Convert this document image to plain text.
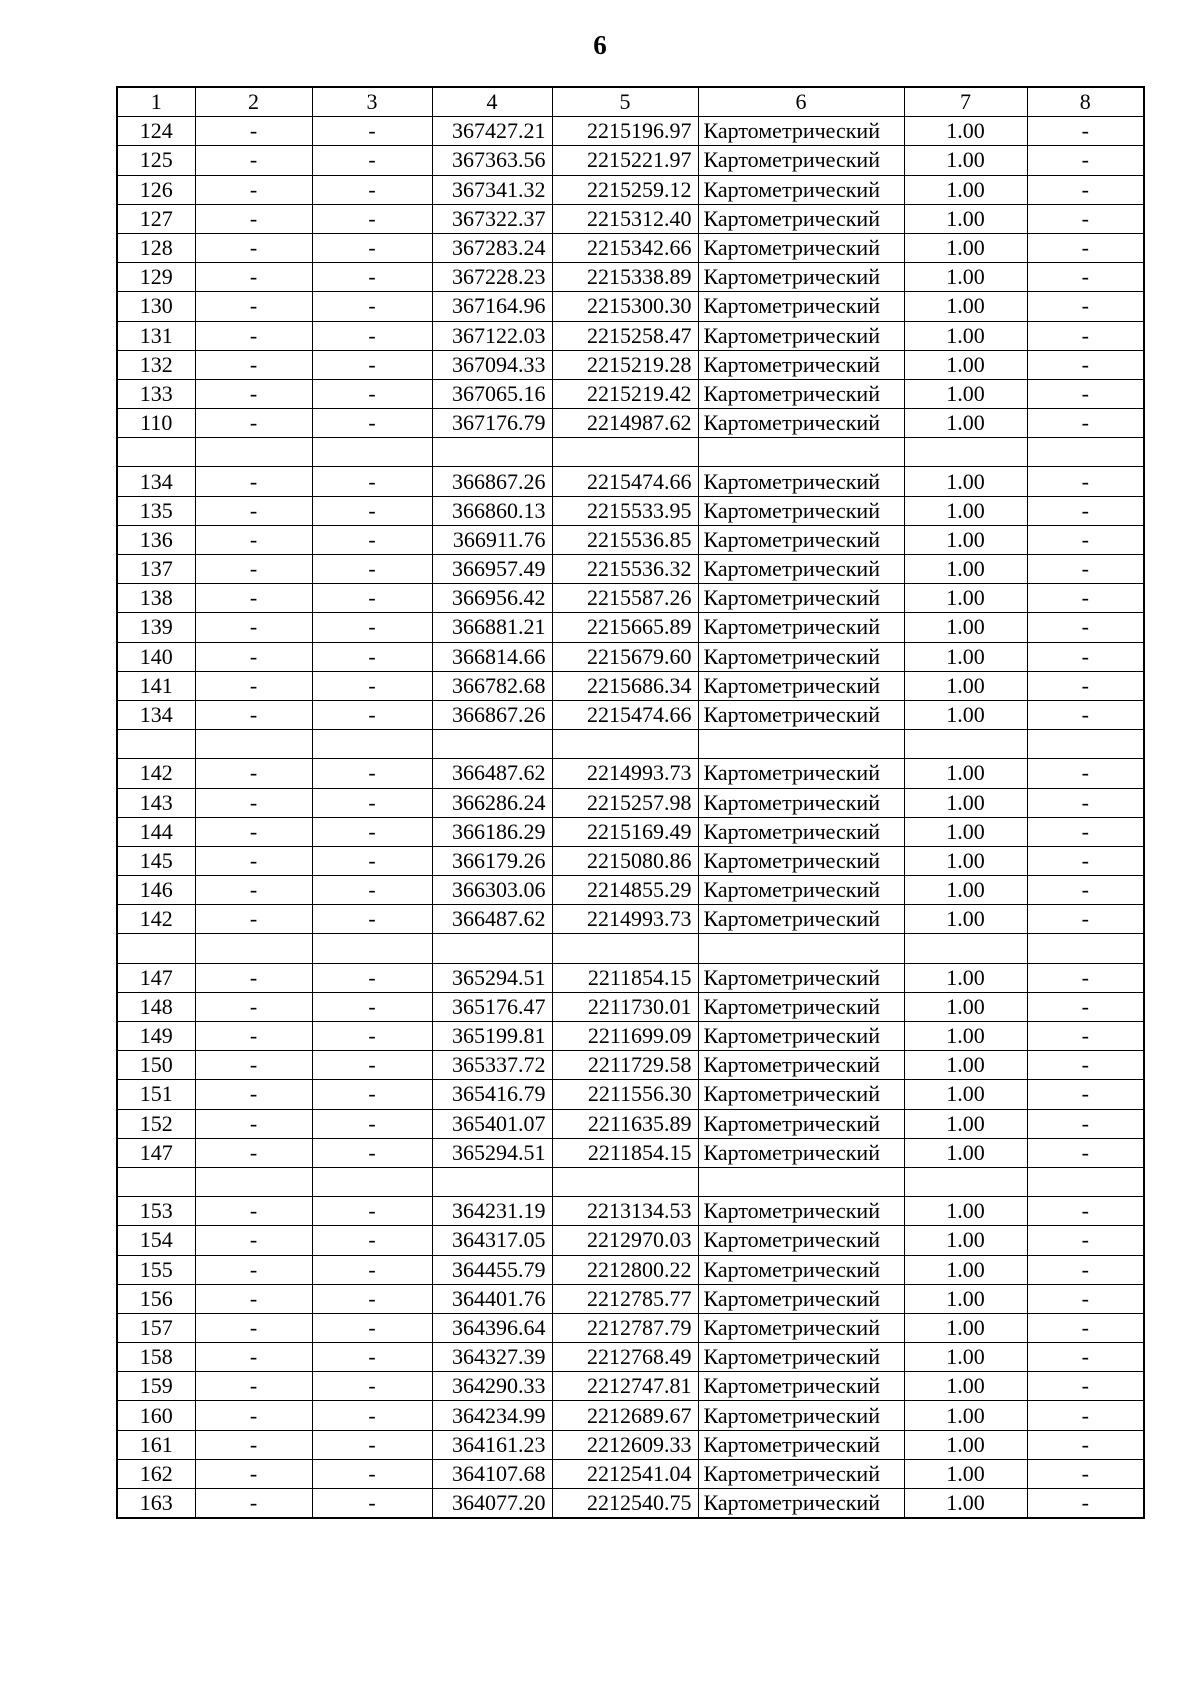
6
1	2	3	4	5	6	7	8
124	-	-	367427.21	2215196.97	Картометрический	1.00	-
125	-	-	367363.56	2215221.97	Картометрический	1.00	-
126	-	-	367341.32	2215259.12	Картометрический	1.00	-
127	-	-	367322.37	2215312.40	Картометрический	1.00	-
128	-	-	367283.24	2215342.66	Картометрический	1.00	-
129	-	-	367228.23	2215338.89	Картометрический	1.00	-
130	-	-	367164.96	2215300.30	Картометрический	1.00	-
131	-	-	367122.03	2215258.47	Картометрический	1.00	-
132	-	-	367094.33	2215219.28	Картометрический	1.00	-
133	-	-	367065.16	2215219.42	Картометрический	1.00	-
110	-	-	367176.79	2214987.62	Картометрический	1.00	-

134	-	-	366867.26	2215474.66	Картометрический	1.00	-
135	-	-	366860.13	2215533.95	Картометрический	1.00	-
136	-	-	366911.76	2215536.85	Картометрический	1.00	-
137	-	-	366957.49	2215536.32	Картометрический	1.00	-
138	-	-	366956.42	2215587.26	Картометрический	1.00	-
139	-	-	366881.21	2215665.89	Картометрический	1.00	-
140	-	-	366814.66	2215679.60	Картометрический	1.00	-
141	-	-	366782.68	2215686.34	Картометрический	1.00	-
134	-	-	366867.26	2215474.66	Картометрический	1.00	-

142	-	-	366487.62	2214993.73	Картометрический	1.00	-
143	-	-	366286.24	2215257.98	Картометрический	1.00	-
144	-	-	366186.29	2215169.49	Картометрический	1.00	-
145	-	-	366179.26	2215080.86	Картометрический	1.00	-
146	-	-	366303.06	2214855.29	Картометрический	1.00	-
142	-	-	366487.62	2214993.73	Картометрический	1.00	-

147	-	-	365294.51	2211854.15	Картометрический	1.00	-
148	-	-	365176.47	2211730.01	Картометрический	1.00	-
149	-	-	365199.81	2211699.09	Картометрический	1.00	-
150	-	-	365337.72	2211729.58	Картометрический	1.00	-
151	-	-	365416.79	2211556.30	Картометрический	1.00	-
152	-	-	365401.07	2211635.89	Картометрический	1.00	-
147	-	-	365294.51	2211854.15	Картометрический	1.00	-

153	-	-	364231.19	2213134.53	Картометрический	1.00	-
154	-	-	364317.05	2212970.03	Картометрический	1.00	-
155	-	-	364455.79	2212800.22	Картометрический	1.00	-
156	-	-	364401.76	2212785.77	Картометрический	1.00	-
157	-	-	364396.64	2212787.79	Картометрический	1.00	-
158	-	-	364327.39	2212768.49	Картометрический	1.00	-
159	-	-	364290.33	2212747.81	Картометрический	1.00	-
160	-	-	364234.99	2212689.67	Картометрический	1.00	-
161	-	-	364161.23	2212609.33	Картометрический	1.00	-
162	-	-	364107.68	2212541.04	Картометрический	1.00	-
163	-	-	364077.20	2212540.75	Картометрический	1.00	-
